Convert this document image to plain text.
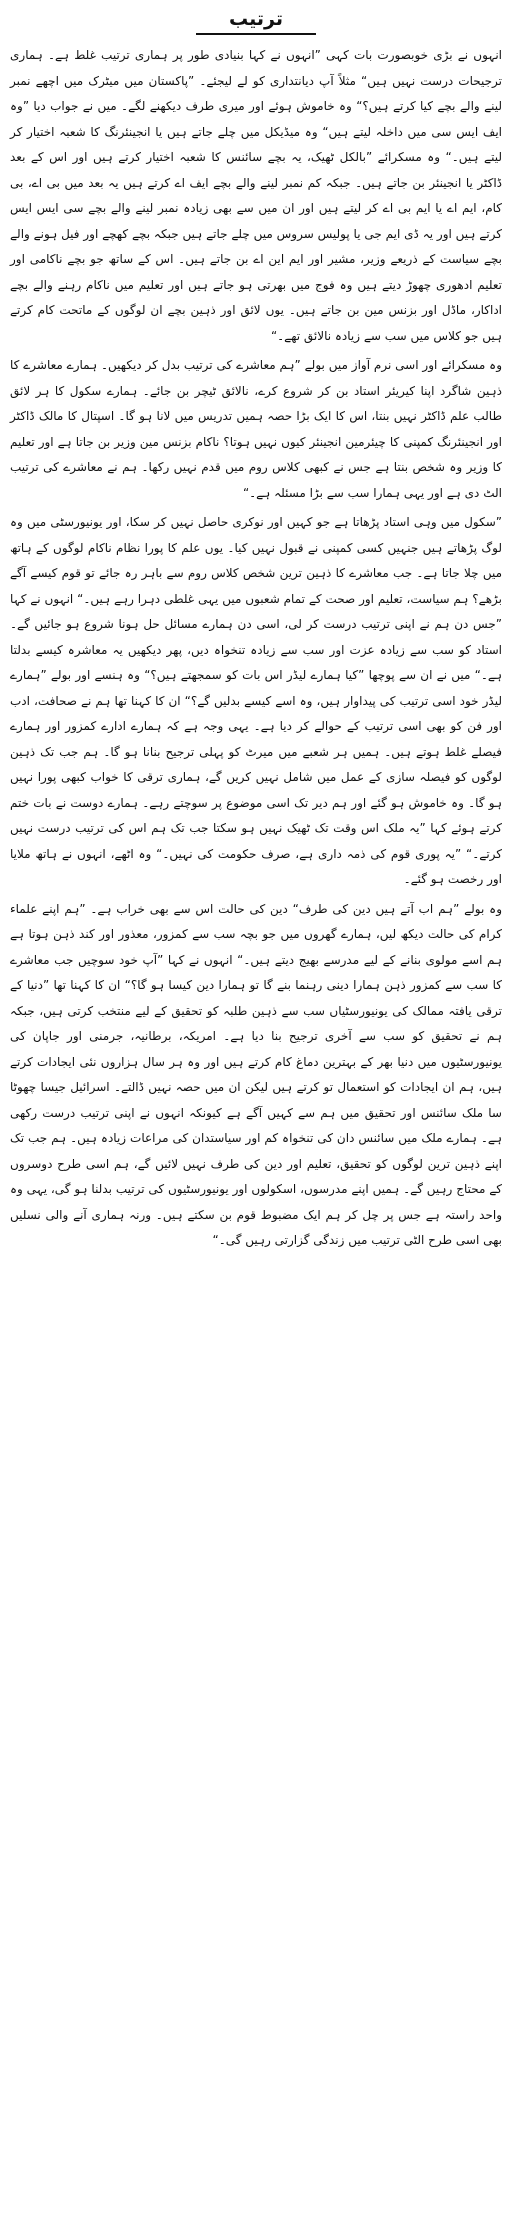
ترتیب

انہوں نے بڑی خوبصورت بات کہی ”انہوں نے کہا بنیادی طور پر ہماری ترتیب غلط ہے۔ ہماری ترجیحات درست نہیں ہیں“ مثلاً آپ دیانتداری کو لے لیجئے۔ ”پاکستان میں میٹرک میں اچھے نمبر لینے والے بچے کیا کرتے ہیں؟“ وہ خاموش ہوئے اور میری طرف دیکھنے لگے۔ میں نے جواب دیا ”وہ ایف ایس سی میں داخلہ لیتے ہیں“ وہ میڈیکل میں چلے جاتے ہیں یا انجینئرنگ کا شعبہ اختیار کر لیتے ہیں۔“ وہ مسکرائے ”بالکل ٹھیک، یہ بچے سائنس کا شعبہ اختیار کرتے ہیں اور اس کے بعد ڈاکٹر یا انجینئر بن جاتے ہیں۔ جبکہ کم نمبر لینے والے بچے ایف اے کرتے ہیں یہ بعد میں بی اے، بی کام، ایم اے یا ایم بی اے کر لیتے ہیں اور ان میں سے بھی زیادہ نمبر لینے والے بچے سی ایس ایس کرتے ہیں اور یہ ڈی ایم جی یا پولیس سروس میں چلے جاتے ہیں جبکہ بچے کھچے اور فیل ہونے والے بچے سیاست کے ذریعے وزیر، مشیر اور ایم این اے بن جاتے ہیں۔ اس کے ساتھ جو بچے ناکامی اور تعلیم ادھوری چھوڑ دیتے ہیں وہ فوج میں بھرتی ہو جاتے ہیں اور تعلیم میں ناکام رہنے والے بچے اداکار، ماڈل اور بزنس مین بن جاتے ہیں۔ یوں لائق اور ذہین بچے ان لوگوں کے ماتحت کام کرتے ہیں جو کلاس میں سب سے زیادہ نالائق تھے۔“

وہ مسکرائے اور اسی نرم آواز میں بولے ”ہم معاشرے کی ترتیب بدل کر دیکھیں۔ ہمارے معاشرے کا ذہین شاگرد اپنا کیریئر استاد بن کر شروع کرے، نالائق ٹیچر بن جائے۔ ہمارے سکول کا ہر لائق طالب علم ڈاکٹر نہیں بنتا، اس کا ایک بڑا حصہ ہمیں تدریس میں لانا ہو گا۔ اسپتال کا مالک ڈاکٹر اور انجینئرنگ کمپنی کا چیئرمین انجینئر کیوں نہیں ہوتا؟ ناکام بزنس مین وزیر بن جاتا ہے اور تعلیم کا وزیر وہ شخص بنتا ہے جس نے کبھی کلاس روم میں قدم نہیں رکھا۔ ہم نے معاشرے کی ترتیب الٹ دی ہے اور یہی ہمارا سب سے بڑا مسئلہ ہے۔“

”سکول میں وہی استاد پڑھاتا ہے جو کہیں اور نوکری حاصل نہیں کر سکا، اور یونیورسٹی میں وہ لوگ پڑھاتے ہیں جنہیں کسی کمپنی نے قبول نہیں کیا۔ یوں علم کا پورا نظام ناکام لوگوں کے ہاتھ میں چلا جاتا ہے۔ جب معاشرے کا ذہین ترین شخص کلاس روم سے باہر رہ جائے تو قوم کیسے آگے بڑھے؟ ہم سیاست، تعلیم اور صحت کے تمام شعبوں میں یہی غلطی دہرا رہے ہیں۔“ انہوں نے کہا ”جس دن ہم نے اپنی ترتیب درست کر لی، اسی دن ہمارے مسائل حل ہونا شروع ہو جائیں گے۔ استاد کو سب سے زیادہ عزت اور سب سے زیادہ تنخواہ دیں، پھر دیکھیں یہ معاشرہ کیسے بدلتا ہے۔“ میں نے ان سے پوچھا ”کیا ہمارے لیڈر اس بات کو سمجھتے ہیں؟“ وہ ہنسے اور بولے ”ہمارے لیڈر خود اسی ترتیب کی پیداوار ہیں، وہ اسے کیسے بدلیں گے؟“ ان کا کہنا تھا ہم نے صحافت، ادب اور فن کو بھی اسی ترتیب کے حوالے کر دیا ہے۔ یہی وجہ ہے کہ ہمارے ادارے کمزور اور ہمارے فیصلے غلط ہوتے ہیں۔ ہمیں ہر شعبے میں میرٹ کو پہلی ترجیح بنانا ہو گا۔ ہم جب تک ذہین لوگوں کو فیصلہ سازی کے عمل میں شامل نہیں کریں گے، ہماری ترقی کا خواب کبھی پورا نہیں ہو گا۔ وہ خاموش ہو گئے اور ہم دیر تک اسی موضوع پر سوچتے رہے۔ ہمارے دوست نے بات ختم کرتے ہوئے کہا ”یہ ملک اس وقت تک ٹھیک نہیں ہو سکتا جب تک ہم اس کی ترتیب درست نہیں کرتے۔“ ”یہ پوری قوم کی ذمہ داری ہے، صرف حکومت کی نہیں۔“ وہ اٹھے، انہوں نے ہاتھ ملایا اور رخصت ہو گئے۔

وہ بولے ”ہم اب آتے ہیں دین کی طرف“ دین کی حالت اس سے بھی خراب ہے۔ ”ہم اپنے علماء کرام کی حالت دیکھ لیں، ہمارے گھروں میں جو بچہ سب سے کمزور، معذور اور کند ذہن ہوتا ہے ہم اسے مولوی بنانے کے لیے مدرسے بھیج دیتے ہیں۔“ انہوں نے کہا ”آپ خود سوچیں جب معاشرے کا سب سے کمزور ذہن ہمارا دینی رہنما بنے گا تو ہمارا دین کیسا ہو گا؟“ ان کا کہنا تھا ”دنیا کے ترقی یافتہ ممالک کی یونیورسٹیاں سب سے ذہین طلبہ کو تحقیق کے لیے منتخب کرتی ہیں، جبکہ ہم نے تحقیق کو سب سے آخری ترجیح بنا دیا ہے۔ امریکہ، برطانیہ، جرمنی اور جاپان کی یونیورسٹیوں میں دنیا بھر کے بہترین دماغ کام کرتے ہیں اور وہ ہر سال ہزاروں نئی ایجادات کرتے ہیں، ہم ان ایجادات کو استعمال تو کرتے ہیں لیکن ان میں حصہ نہیں ڈالتے۔ اسرائیل جیسا چھوٹا سا ملک سائنس اور تحقیق میں ہم سے کہیں آگے ہے کیونکہ انہوں نے اپنی ترتیب درست رکھی ہے۔ ہمارے ملک میں سائنس دان کی تنخواہ کم اور سیاستدان کی مراعات زیادہ ہیں۔ ہم جب تک اپنے ذہین ترین لوگوں کو تحقیق، تعلیم اور دین کی طرف نہیں لائیں گے، ہم اسی طرح دوسروں کے محتاج رہیں گے۔ ہمیں اپنے مدرسوں، اسکولوں اور یونیورسٹیوں کی ترتیب بدلنا ہو گی، یہی وہ واحد راستہ ہے جس پر چل کر ہم ایک مضبوط قوم بن سکتے ہیں۔ ورنہ ہماری آنے والی نسلیں بھی اسی طرح الٹی ترتیب میں زندگی گزارتی رہیں گی۔“
